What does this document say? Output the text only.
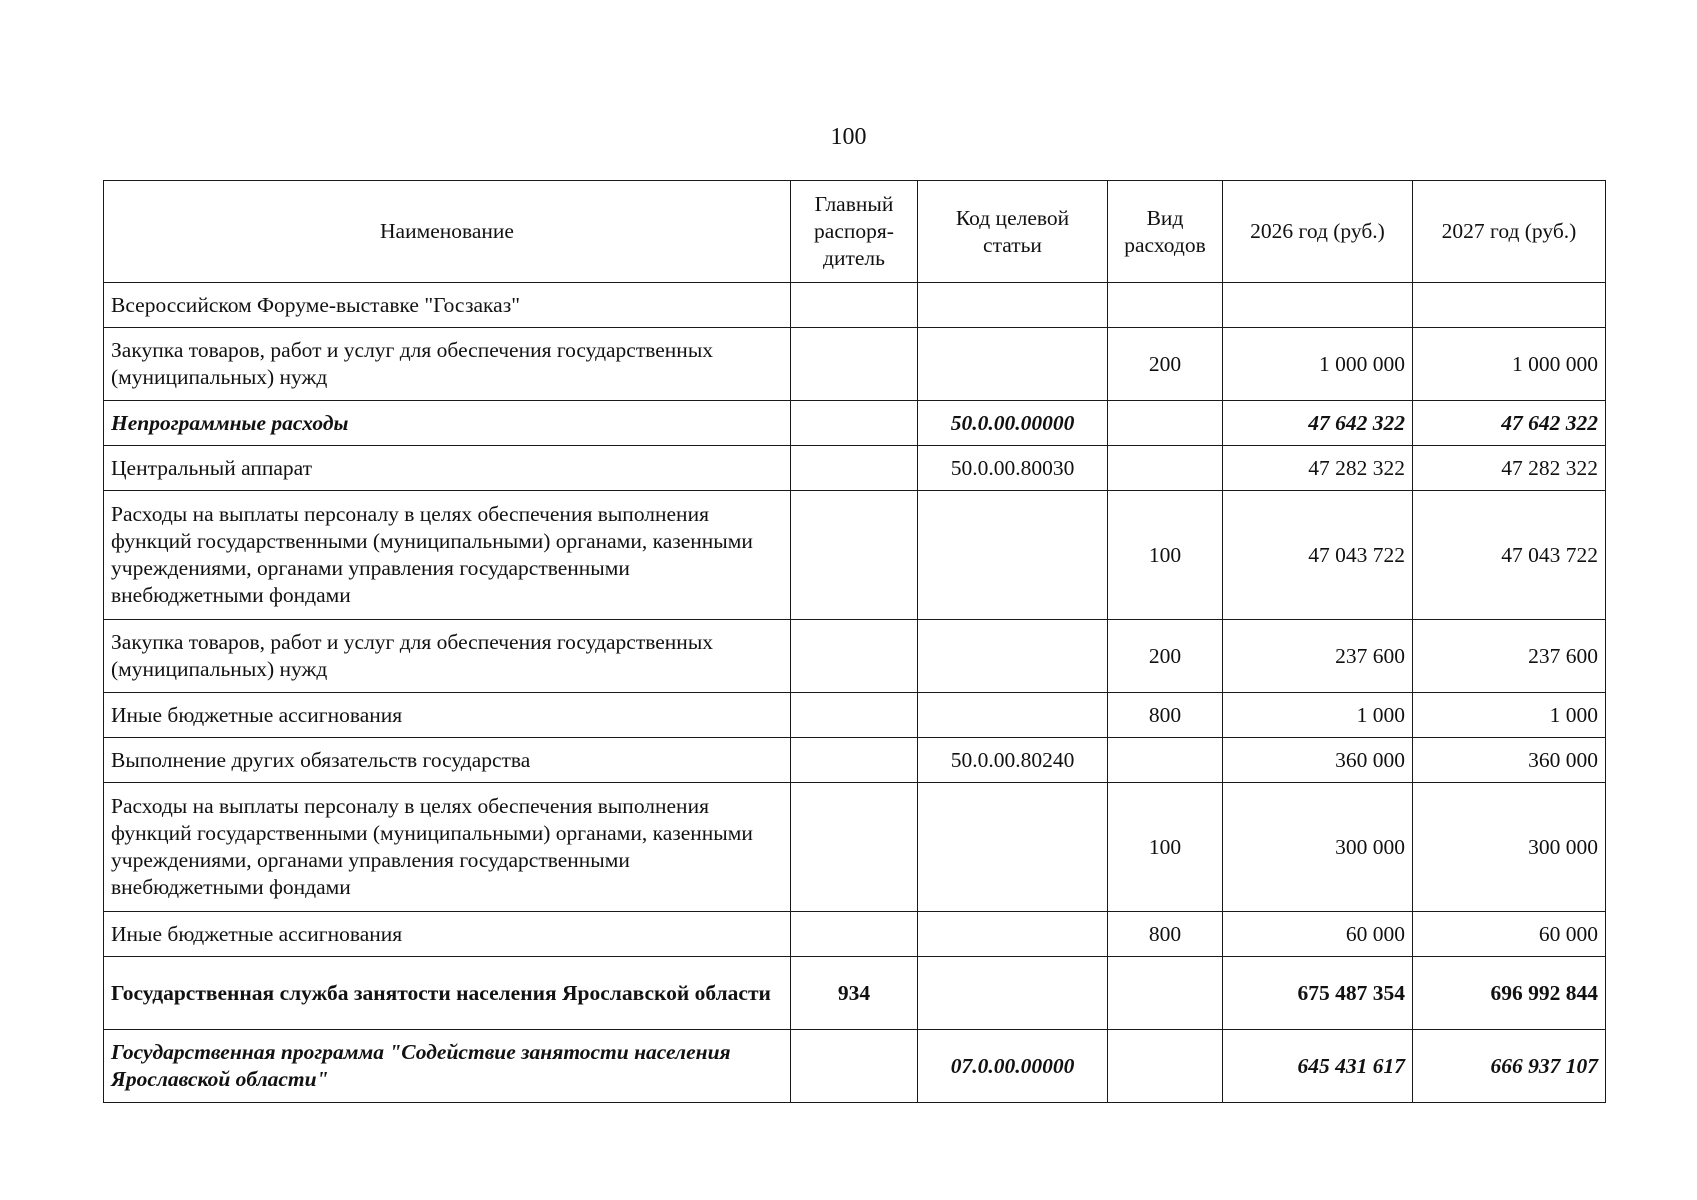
100
Наименование	Главный распоря-дитель	Код целевой статьи	Вид расходов	2026 год (руб.)	2027 год (руб.)
Всероссийском Форуме-выставке "Госзаказ"					
Закупка товаров, работ и услуг для обеспечения государственных (муниципальных) нужд			200	1 000 000	1 000 000
Непрограммные расходы		50.0.00.00000		47 642 322	47 642 322
Центральный аппарат		50.0.00.80030		47 282 322	47 282 322
Расходы на выплаты персоналу в целях обеспечения выполнения функций государственными (муниципальными) органами, казенными учреждениями, органами управления государственными внебюджетными фондами			100	47 043 722	47 043 722
Закупка товаров, работ и услуг для обеспечения государственных (муниципальных) нужд			200	237 600	237 600
Иные бюджетные ассигнования			800	1 000	1 000
Выполнение других обязательств государства		50.0.00.80240		360 000	360 000
Расходы на выплаты персоналу в целях обеспечения выполнения функций государственными (муниципальными) органами, казенными учреждениями, органами управления государственными внебюджетными фондами			100	300 000	300 000
Иные бюджетные ассигнования			800	60 000	60 000
Государственная служба занятости населения Ярославской области	934			675 487 354	696 992 844
Государственная программа "Содействие занятости населения Ярославской области"		07.0.00.00000		645 431 617	666 937 107
